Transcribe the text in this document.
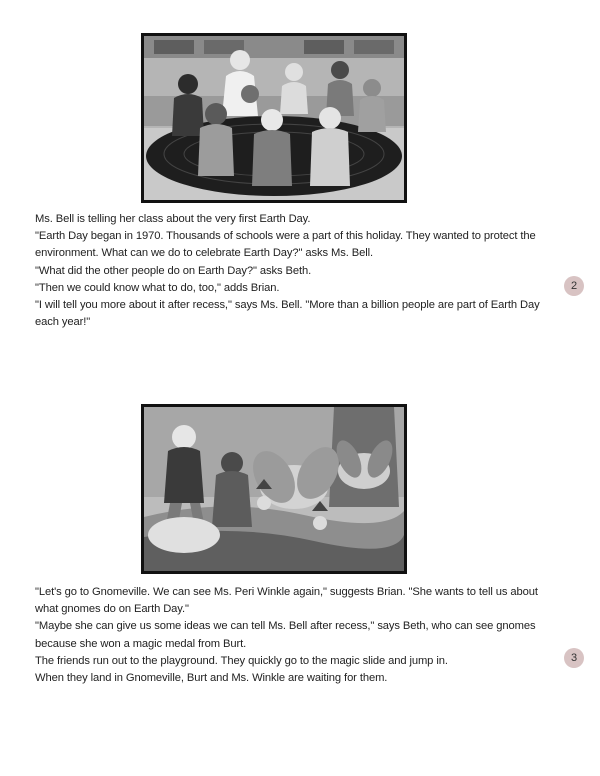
Ms. Bell is telling her class about the very first Earth Day.

"Earth Day began in 1970. Thousands of schools were a part of this holiday. They wanted to protect the environment. What can we do to celebrate Earth Day?" asks Ms. Bell.

"What did the other people do on Earth Day?" asks Beth.

"Then we could know what to do, too," adds Brian.

"I will tell you more about it after recess," says Ms. Bell. "More than a billion people are part of Earth Day each year!"

2

"Let's go to Gnomeville. We can see Ms. Peri Winkle again," suggests Brian. "She wants to tell us about what gnomes do on Earth Day."

"Maybe she can give us some ideas we can tell Ms. Bell after recess," says Beth, who can see gnomes because she won a magic medal from Burt.

The friends run out to the playground. They quickly go to the magic slide and jump in.

When they land in Gnomeville, Burt and Ms. Winkle are waiting for them.

3
